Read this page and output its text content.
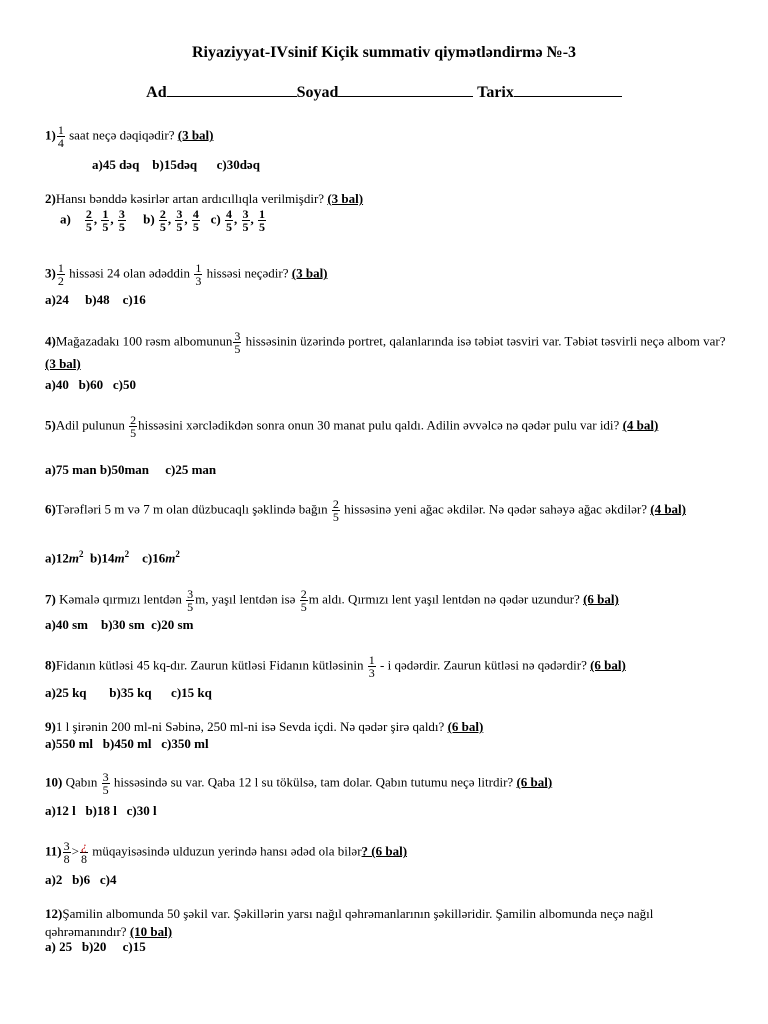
Riyaziyyat-IVsinif Kiçik summativ qiymətləndirmə №-3
Ad	Soyad	Tarix
$1) \frac{1}{4}$ saat neçə dəqiqədir? (3 bal)
a)45 dəq    b)15dəq      c)30dəq
2)Hansı bənddə kəsirlər artan ardıcıllıqla verilmişdir? (3 bal)
$a) \frac{2}{5}$ , $\frac{1}{5}$ , $\frac{3}{5} b) \frac{2}{5}$ , $\frac{3}{5}$ , $\frac{4}{5} c) \frac{4}{5}$ , $\frac{3}{5}$ , $\frac{1}{5}$
$3) \frac{1}{2}$ hissəsi 24 olan ədəddin $\frac{1}{3}$ hissəsi neçədir? (3 bal)
a)24     b)48    c)16
4)Mağazadakı 100 rəsm albomunun $\frac{3}{5}$ hissəsinin üzərində portret, qalanlarında isə təbiət təsviri var. Təbiət təsvirli neçə albom var? (3 bal)
a)40   b)60   c)50
5)Adil pulunun $\frac{2}{5}$ hissəsini xərclədikdən sonra onun 30 manat pulu qaldı. Adilin əvvəlcə nə qədər pulu var idi? (4 bal)
a)75 man b)50man     c)25 man
6)Tərəfləri 5 m və 7 m olan düzbucaqlı şəklində bağın $\frac{2}{5}$ hissəsinə yeni ağac əkdilər. Nə qədər sahəyə ağac əkdilər? (4 bal)
$a)12m^2$ $b)14m^2$ $c)16m^2$
7) Kəmalə qırmızı lentdən $\frac{3}{5} m$, yaşıl lentdən isə $\frac{2}{5}$ m aldı. Qırmızı lent yaşıl lentdən nə qədər uzundur? (6 bal)
a)40 sm    b)30 sm  c)20 sm
8)Fidanın kütləsi 45 kq-dır. Zaurun kütləsi Fidanın kütləsinin $\frac{1}{3}$ - i qədərdir. Zaurun kütləsi nə qədərdir? (6 bal)
a)25 kq       b)35 kq      c)15 kq
9)1 l şirənin 200 ml-ni Səbinə, 250 ml-ni isə Sevda içdi. Nə qədər şirə qaldı? (6 bal)
a)550 ml   b)450 ml   c)350 ml
10) Qabın $\frac{3}{5}$ hissəsində su var. Qaba 12 l su tökülsə, tam dolar. Qabın tutumu neçə litrdir? (6 bal)
a)12 l   b)18 l   c)30 l
$11) \frac{3}{8}$ > ¿
8
müqayisəsində ulduzun yerində hansı ədəd ola bilər? (6 bal)
a)2   b)6   c)4
12)Şamilin albomunda 50 şəkil var. Şəkillərin yarsı nağıl qəhrəmanlarının şəkilləridir. Şamilin albomunda neçə nağıl qəhrəmanındır? (10 bal)
a) 25   b)20     c)15
